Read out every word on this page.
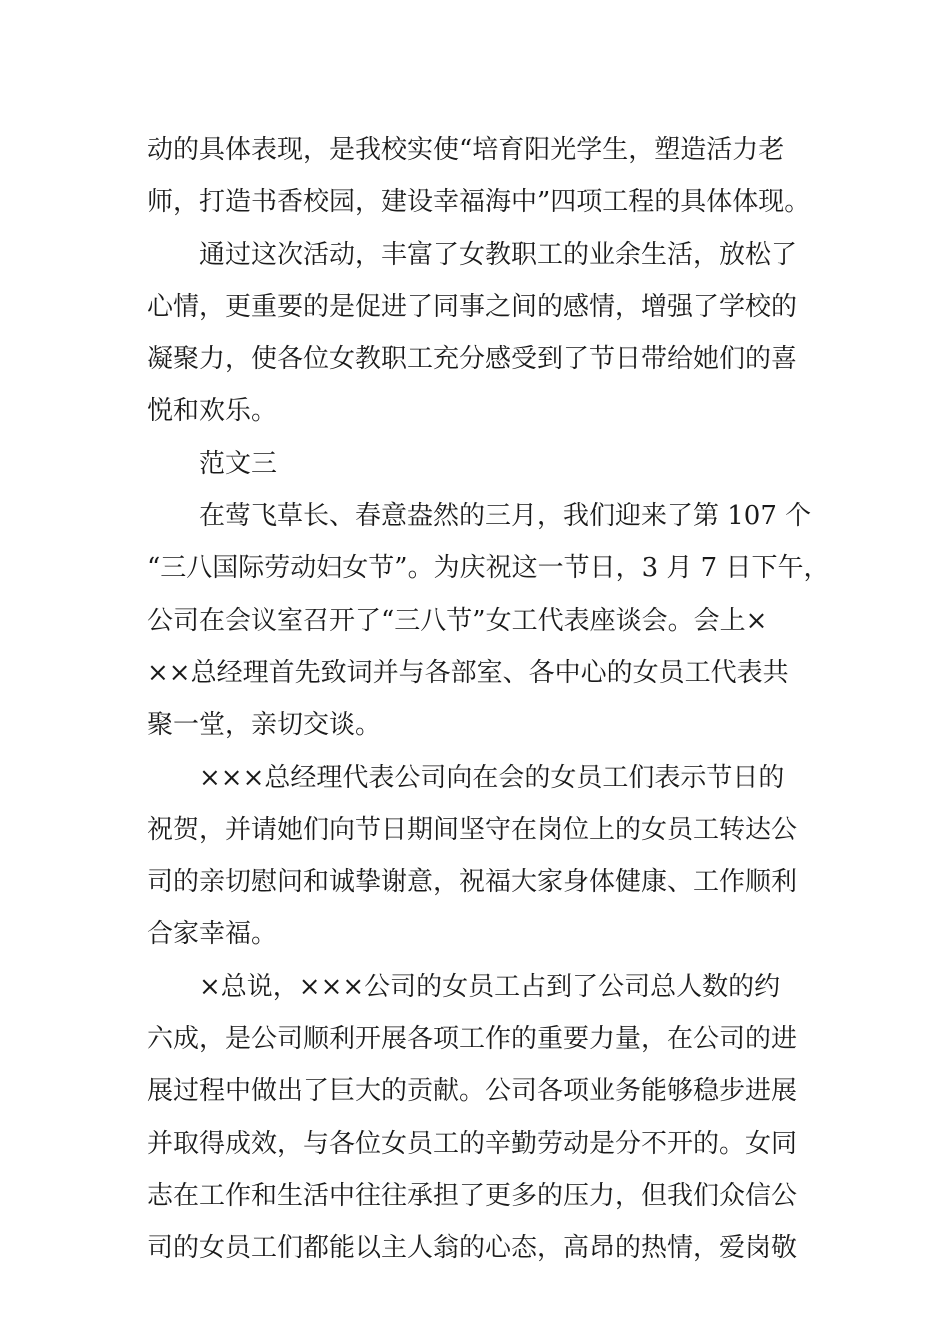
动的具体表现，是我校实使“培育阳光学生，塑造活力老
师，打造书香校园，建设幸福海中”四项工程的具体体现。
通过这次活动，丰富了女教职工的业余生活，放松了
心情，更重要的是促进了同事之间的感情，增强了学校的
凝聚力，使各位女教职工充分感受到了节日带给她们的喜
悦和欢乐。
范文三
在莺飞草长、春意盎然的三月，我们迎来了第 107 个
“三八国际劳动妇女节”。为庆祝这一节日，3 月 7 日下午，
公司在会议室召开了“三八节”女工代表座谈会。会上×
××总经理首先致词并与各部室、各中心的女员工代表共
聚一堂，亲切交谈。
×××总经理代表公司向在会的女员工们表示节日的
祝贺，并请她们向节日期间坚守在岗位上的女员工转达公
司的亲切慰问和诚挚谢意，祝福大家身体健康、工作顺利
合家幸福。
×总说，×××公司的女员工占到了公司总人数的约
六成，是公司顺利开展各项工作的重要力量，在公司的进
展过程中做出了巨大的贡献。公司各项业务能够稳步进展
并取得成效，与各位女员工的辛勤劳动是分不开的。女同
志在工作和生活中往往承担了更多的压力，但我们众信公
司的女员工们都能以主人翁的心态，高昂的热情，爱岗敬
